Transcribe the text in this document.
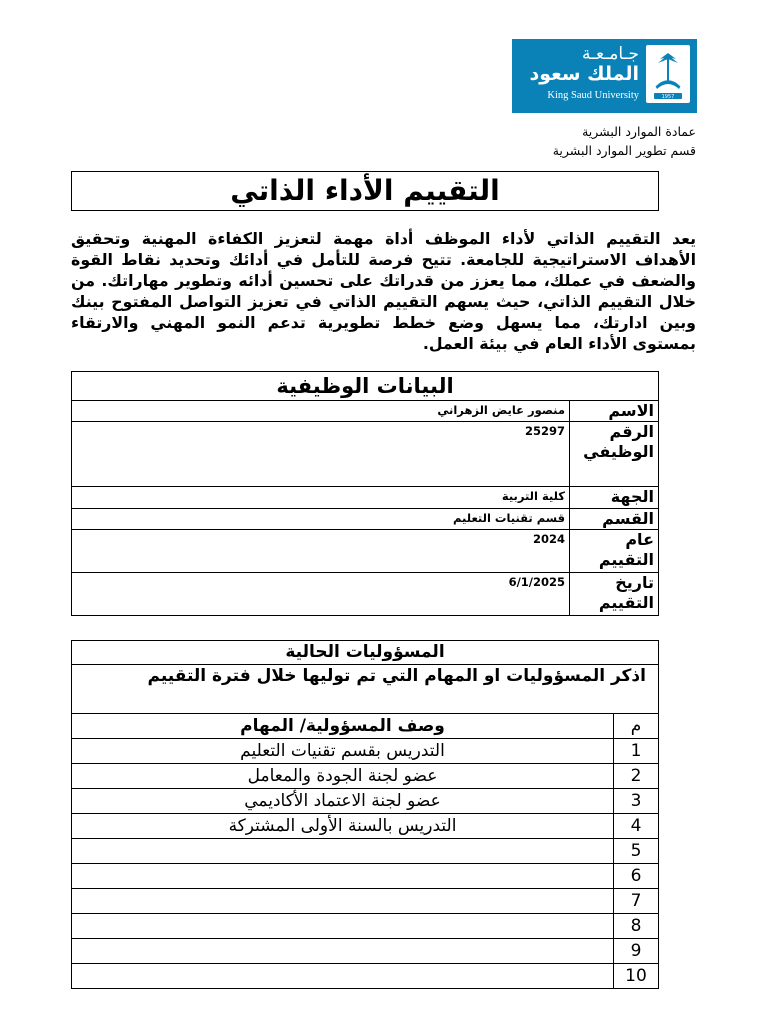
1957
جـامـعـة
الملك سعود
King Saud University
عمادة الموارد البشرية
قسم تطوير الموارد البشرية
التقييم الأداء الذاتي
يعد التقييم الذاتي لأداء الموظف أداة مهمة لتعزيز الكفاءة المهنية وتحقيق الأهداف الاستراتيجية للجامعة. تتيح فرصة للتأمل في أدائك وتحديد نقاط القوة والضعف في عملك، مما يعزز من قدراتك على تحسين أدائه وتطوير مهاراتك. من خلال التقييم الذاتي، حيث يسهم التقييم الذاتي في تعزيز التواصل المفتوح بينك وبين ادارتك، مما يسهل وضع خطط تطويرية تدعم النمو المهني والارتقاء بمستوى الأداء العام في بيئة العمل.
البيانات الوظيفية	
الاسم	منصور عايض الزهراني
الرقم الوظيفي	25297
الجهة	كلية التربية
القسم	قسم تقنيات التعليم
عام التقييم	2024
تاريخ التقييم	6/1/2025
المسؤوليات الحالية	
اذكر المسؤوليات او المهام التي تم توليها خلال فترة التقييم	
م	وصف المسؤولية/ المهام
1	التدريس بقسم تقنيات التعليم
2	عضو لجنة الجودة والمعامل
3	عضو لجنة الاعتماد الأكاديمي
4	التدريس بالسنة الأولى المشتركة
5	
6	
7	
8	
9	
10	
